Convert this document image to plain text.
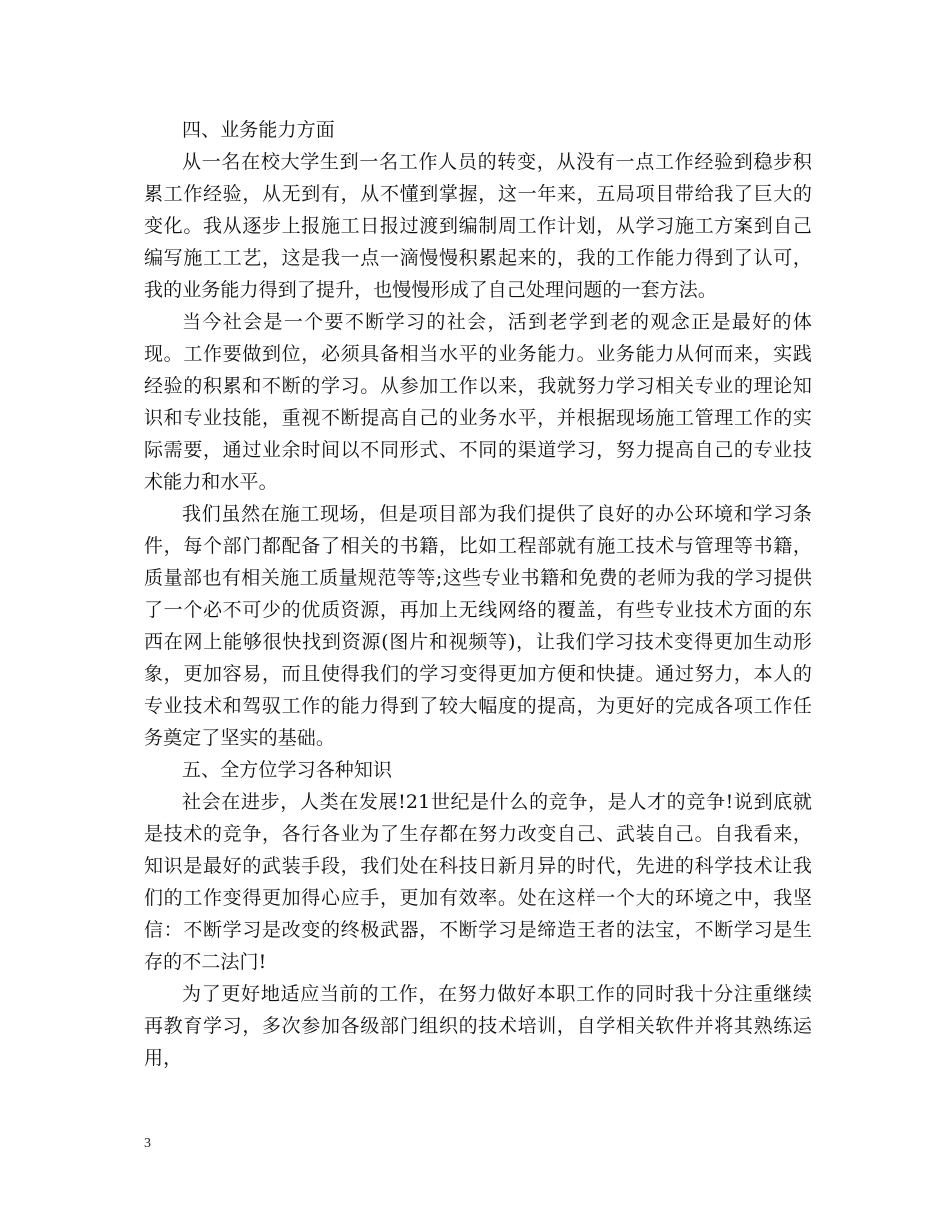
四、业务能力方面

从一名在校大学生到一名工作人员的转变，从没有一点工作经验到稳步积累工作经验，从无到有，从不懂到掌握，这一年来，五局项目带给我了巨大的变化。我从逐步上报施工日报过渡到编制周工作计划，从学习施工方案到自己编写施工工艺，这是我一点一滴慢慢积累起来的，我的工作能力得到了认可，我的业务能力得到了提升，也慢慢形成了自己处理问题的一套方法。

当今社会是一个要不断学习的社会，活到老学到老的观念正是最好的体现。工作要做到位，必须具备相当水平的业务能力。业务能力从何而来，实践经验的积累和不断的学习。从参加工作以来，我就努力学习相关专业的理论知识和专业技能，重视不断提高自己的业务水平，并根据现场施工管理工作的实际需要，通过业余时间以不同形式、不同的渠道学习，努力提高自己的专业技术能力和水平。

我们虽然在施工现场，但是项目部为我们提供了良好的办公环境和学习条件，每个部门都配备了相关的书籍，比如工程部就有施工技术与管理等书籍，质量部也有相关施工质量规范等等;这些专业书籍和免费的老师为我的学习提供了一个必不可少的优质资源，再加上无线网络的覆盖，有些专业技术方面的东西在网上能够很快找到资源(图片和视频等)，让我们学习技术变得更加生动形象，更加容易，而且使得我们的学习变得更加方便和快捷。通过努力，本人的专业技术和驾驭工作的能力得到了较大幅度的提高，为更好的完成各项工作任务奠定了坚实的基础。

五、全方位学习各种知识

社会在进步，人类在发展!21世纪是什么的竞争，是人才的竞争!说到底就是技术的竞争，各行各业为了生存都在努力改变自己、武装自己。自我看来，知识是最好的武装手段，我们处在科技日新月异的时代，先进的科学技术让我们的工作变得更加得心应手，更加有效率。处在这样一个大的环境之中，我坚信：不断学习是改变的终极武器，不断学习是缔造王者的法宝，不断学习是生存的不二法门!

为了更好地适应当前的工作，在努力做好本职工作的同时我十分注重继续再教育学习，多次参加各级部门组织的技术培训，自学相关软件并将其熟练运用，

3
